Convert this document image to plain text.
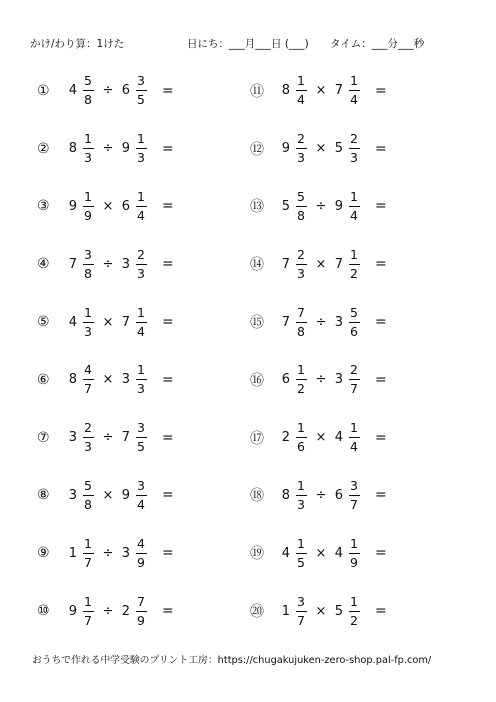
かけ/わり算：1けた	日にち：___月___日 (___) タイム：___分___秒
①	$4 \frac{5}{8} \div 6 \frac{3}{5}$ =
②	$8 \frac{1}{3} \div 9 \frac{1}{3}$ =
③	$9 \frac{1}{9} \times 6 \frac{1}{4}$ =
④	$7 \frac{3}{8} \div 3 \frac{2}{3}$ =
⑤	$4 \frac{1}{3} \times 7 \frac{1}{4}$ =
⑥	$8 \frac{4}{7} \times 3 \frac{1}{3}$ =
⑦	$3 \frac{2}{3} \div 7 \frac{3}{5}$ =
⑧	$3 \frac{5}{8} \times 9 \frac{3}{4}$ =
⑨	$1 \frac{1}{7} \div 3 \frac{4}{9}$ =
⑩	$9 \frac{1}{7} \div 2 \frac{7}{9}$ =
⑪	$8 \frac{1}{4} \times 7 \frac{1}{4}$ =
⑫	$9 \frac{2}{3} \times 5 \frac{2}{3}$ =
⑬	$5 \frac{5}{8} \div 9 \frac{1}{4}$ =
⑭	$7 \frac{2}{3} \times 7 \frac{1}{2}$ =
⑮	$7 \frac{7}{8} \div 3 \frac{5}{6}$ =
⑯	$6 \frac{1}{2} \div 3 \frac{2}{7}$ =
⑰	$2 \frac{1}{6} \times 4 \frac{1}{4}$ =
⑱	$8 \frac{1}{3} \div 6 \frac{3}{7}$ =
⑲	$4 \frac{1}{5} \times 4 \frac{1}{9}$ =
⑳	$1 \frac{3}{7} \times 5 \frac{1}{2}$ =
おうちで作れる中学受験のプリント工房：https://chugakujuken-zero-shop.pal-fp.com/
